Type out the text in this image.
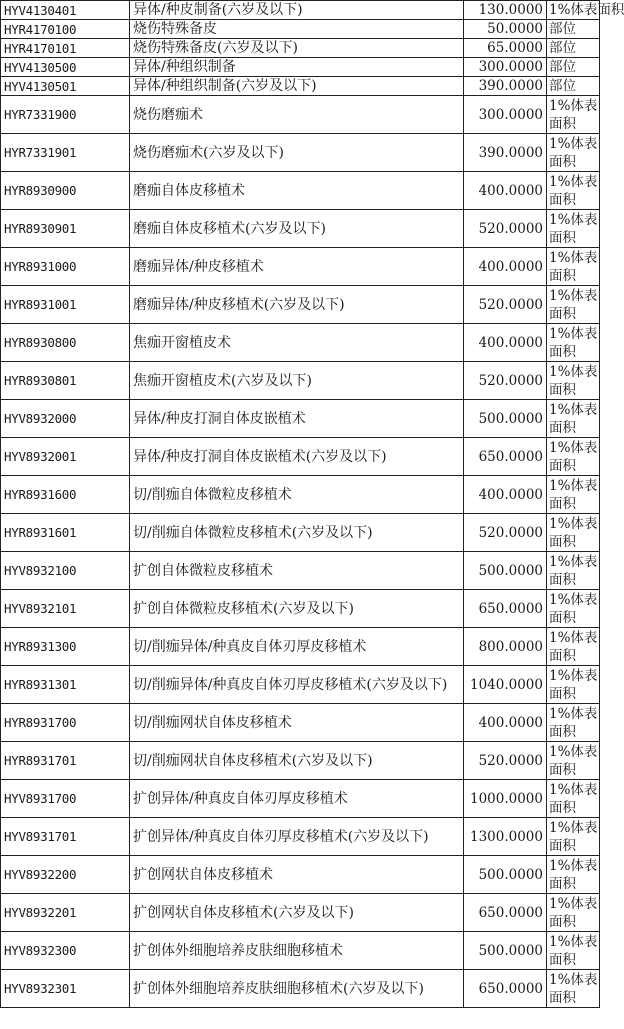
HYV4130401	异体/种皮制备(六岁及以下)	130.0000	1%体表面积
HYR4170100	烧伤特殊备皮	50.0000	部位
HYR4170101	烧伤特殊备皮(六岁及以下)	65.0000	部位
HYV4130500	异体/种组织制备	300.0000	部位
HYV4130501	异体/种组织制备(六岁及以下)	390.0000	部位
HYR7331900	烧伤磨痂术	300.0000	1%体表面积
HYR7331901	烧伤磨痂术(六岁及以下)	390.0000	1%体表面积
HYR8930900	磨痂自体皮移植术	400.0000	1%体表面积
HYR8930901	磨痂自体皮移植术(六岁及以下)	520.0000	1%体表面积
HYR8931000	磨痂异体/种皮移植术	400.0000	1%体表面积
HYR8931001	磨痂异体/种皮移植术(六岁及以下)	520.0000	1%体表面积
HYR8930800	焦痂开窗植皮术	400.0000	1%体表面积
HYR8930801	焦痂开窗植皮术(六岁及以下)	520.0000	1%体表面积
HYV8932000	异体/种皮打洞自体皮嵌植术	500.0000	1%体表面积
HYV8932001	异体/种皮打洞自体皮嵌植术(六岁及以下)	650.0000	1%体表面积
HYR8931600	切/削痂自体微粒皮移植术	400.0000	1%体表面积
HYR8931601	切/削痂自体微粒皮移植术(六岁及以下)	520.0000	1%体表面积
HYV8932100	扩创自体微粒皮移植术	500.0000	1%体表面积
HYV8932101	扩创自体微粒皮移植术(六岁及以下)	650.0000	1%体表面积
HYR8931300	切/削痂异体/种真皮自体刃厚皮移植术	800.0000	1%体表面积
HYR8931301	切/削痂异体/种真皮自体刃厚皮移植术(六岁及以下)	1040.0000	1%体表面积
HYR8931700	切/削痂网状自体皮移植术	400.0000	1%体表面积
HYR8931701	切/削痂网状自体皮移植术(六岁及以下)	520.0000	1%体表面积
HYV8931700	扩创异体/种真皮自体刃厚皮移植术	1000.0000	1%体表面积
HYV8931701	扩创异体/种真皮自体刃厚皮移植术(六岁及以下)	1300.0000	1%体表面积
HYV8932200	扩创网状自体皮移植术	500.0000	1%体表面积
HYV8932201	扩创网状自体皮移植术(六岁及以下)	650.0000	1%体表面积
HYV8932300	扩创体外细胞培养皮肤细胞移植术	500.0000	1%体表面积
HYV8932301	扩创体外细胞培养皮肤细胞移植术(六岁及以下)	650.0000	1%体表面积
